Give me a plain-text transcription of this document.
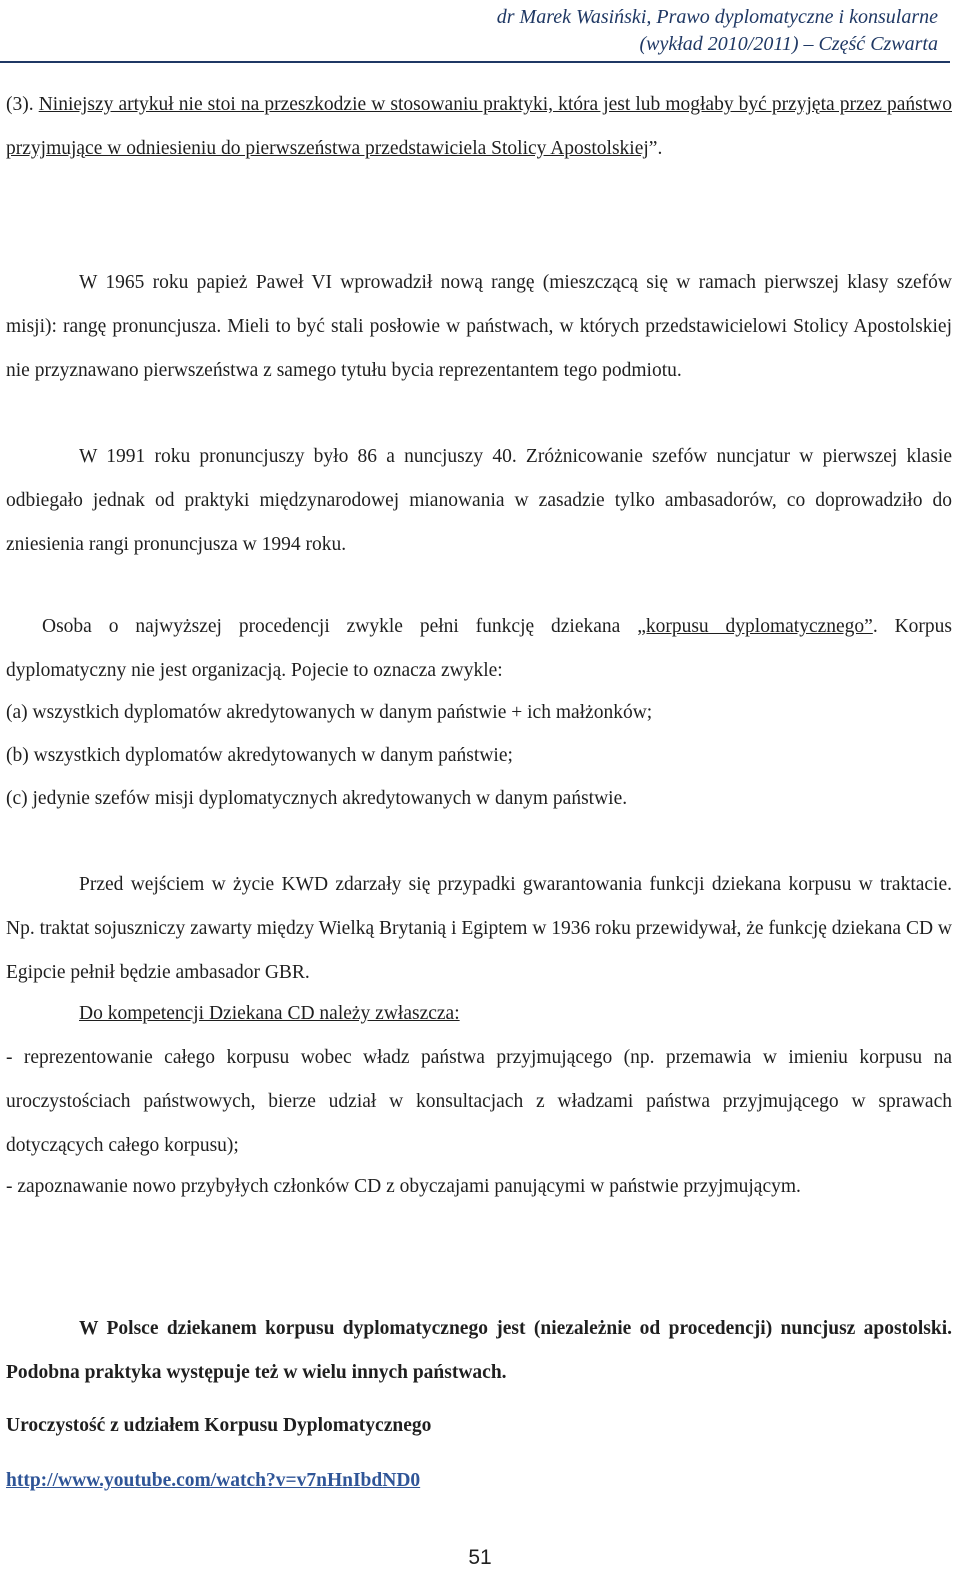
dr Marek Wasiński, Prawo dyplomatyczne i konsularne
(wykład 2010/2011) – Część Czwarta

(3). Niniejszy artykuł nie stoi na przeszkodzie w stosowaniu praktyki, która jest lub mogłaby być przyjęta przez państwo przyjmujące w odniesieniu do pierwszeństwa przedstawiciela Stolicy Apostolskiej”.

W 1965 roku papież Paweł VI wprowadził nową rangę (mieszczącą się w ramach pierwszej klasy szefów misji): rangę pronuncjusza. Mieli to być stali posłowie w państwach, w których przedstawicielowi Stolicy Apostolskiej nie przyznawano pierwszeństwa z samego tytułu bycia reprezentantem tego podmiotu.

W 1991 roku pronuncjuszy było 86 a nuncjuszy 40. Zróżnicowanie szefów nuncjatur w pierwszej klasie odbiegało jednak od praktyki międzynarodowej mianowania w zasadzie tylko ambasadorów, co doprowadziło do zniesienia rangi pronuncjusza w 1994 roku.

Osoba o najwyższej procedencji zwykle pełni funkcję dziekana „korpusu dyplomatycznego”. Korpus dyplomatyczny nie jest organizacją. Pojecie to oznacza zwykle:

(a) wszystkich dyplomatów akredytowanych w danym państwie + ich małżonków;

(b) wszystkich dyplomatów akredytowanych w danym państwie;

(c) jedynie szefów misji dyplomatycznych akredytowanych w danym państwie.

Przed wejściem w życie KWD zdarzały się przypadki gwarantowania funkcji dziekana korpusu w traktacie. Np. traktat sojuszniczy zawarty między Wielką Brytanią i Egiptem w 1936 roku przewidywał, że funkcję dziekana CD w Egipcie pełnił będzie ambasador GBR.

Do kompetencji Dziekana CD należy zwłaszcza:

- reprezentowanie całego korpusu wobec władz państwa przyjmującego (np. przemawia w imieniu korpusu na uroczystościach państwowych, bierze udział w konsultacjach z władzami państwa przyjmującego w sprawach dotyczących całego korpusu);

- zapoznawanie nowo przybyłych członków CD z obyczajami panującymi w państwie przyjmującym.

W Polsce dziekanem korpusu dyplomatycznego jest (niezależnie od procedencji) nuncjusz apostolski. Podobna praktyka występuje też w wielu innych państwach.

Uroczystość z udziałem Korpusu Dyplomatycznego

http://www.youtube.com/watch?v=v7nHnIbdND0

51
